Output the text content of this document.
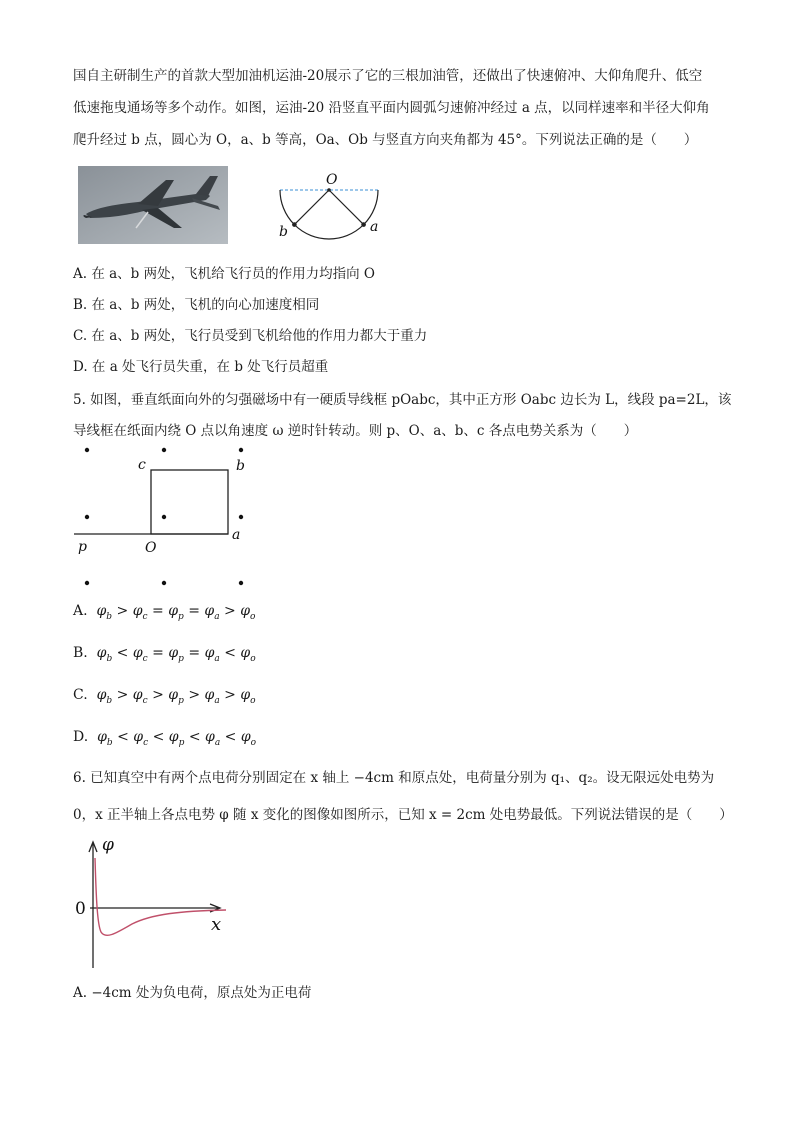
国自主研制生产的首款大型加油机运油-20展示了它的三根加油管，还做出了快速俯冲、大仰角爬升、低空
低速拖曳通场等多个动作。如图，运油-20 沿竖直平面内圆弧匀速俯冲经过 a 点，以同样速率和半径大仰角
爬升经过 b 点，圆心为 O，a、b 等高，Oa、Ob 与竖直方向夹角都为 45°。下列说法正确的是（　　）
O
b	a
A. 在 a、b 两处，飞机给飞行员的作用力均指向 O
B. 在 a、b 两处，飞机的向心加速度相同
C. 在 a、b 两处，飞行员受到飞机给他的作用力都大于重力
D. 在 a 处飞行员失重，在 b 处飞行员超重
5. 如图，垂直纸面向外的匀强磁场中有一硬质导线框 pOabc，其中正方形 Oabc 边长为 L，线段 pa=2L，该
导线框在纸面内绕 O 点以角速度 ω 逆时针转动。则 p、O、a、b、c 各点电势关系为（　　）
p	O
a
b
c
A.  $\varphi_b > \varphi_c = \varphi_p = \varphi_a > \varphi_o$
B.  $\varphi_b < \varphi_c = \varphi_p = \varphi_a < \varphi_o$
C.  $\varphi_b > \varphi_c > \varphi_p > \varphi_a > \varphi_o$
D.  $\varphi_b < \varphi_c < \varphi_p < \varphi_a < \varphi_o$
6. 已知真空中有两个点电荷分别固定在 x 轴上 −4cm 和原点处，电荷量分别为 q₁、q₂。设无限远处电势为
0，x 正半轴上各点电势 φ 随 x 变化的图像如图所示，已知 x = 2cm 处电势最低。下列说法错误的是（　　）
φ
0
x
A. −4cm 处为负电荷，原点处为正电荷
